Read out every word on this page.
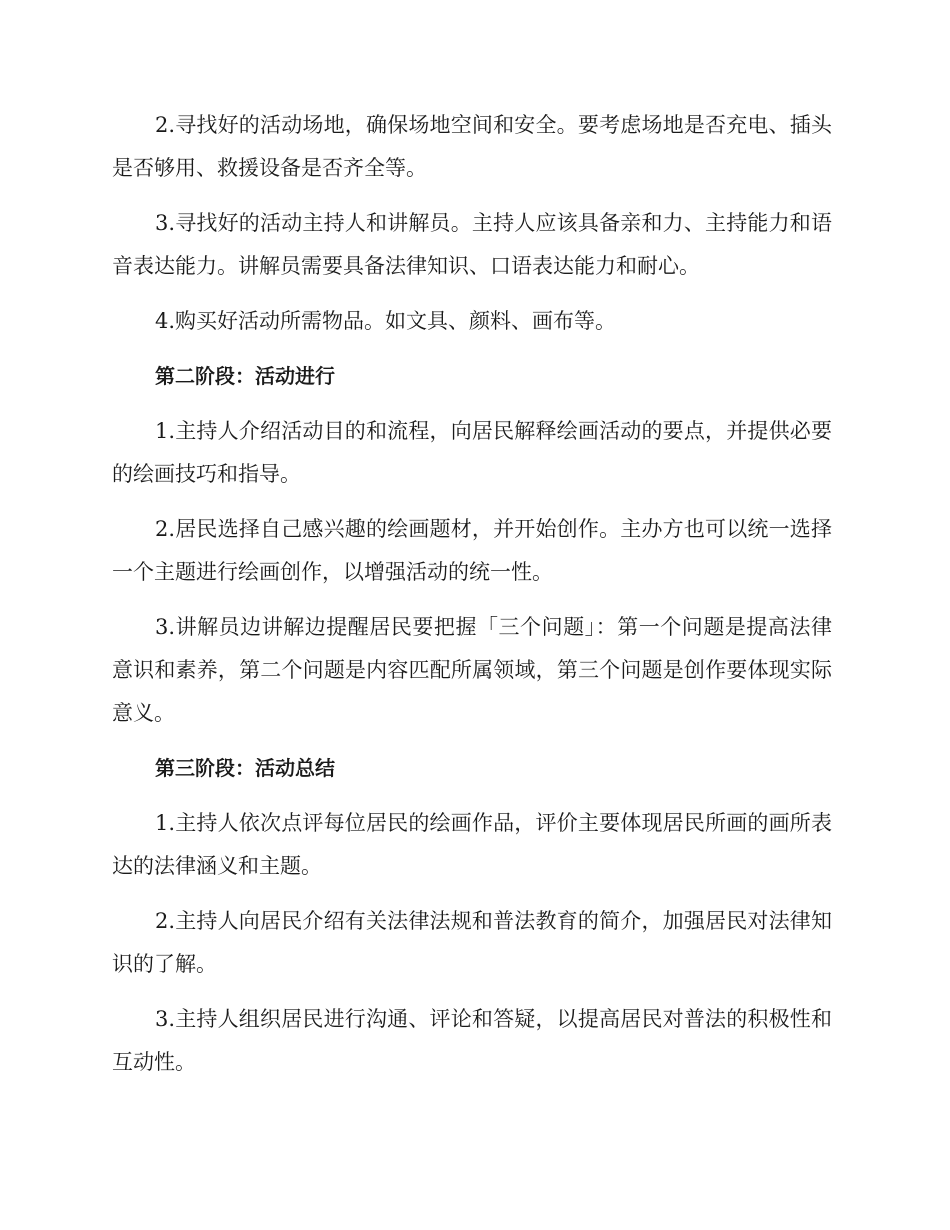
2.寻找好的活动场地，确保场地空间和安全。要考虑场地是否充电、插头是否够用、救援设备是否齐全等。

3.寻找好的活动主持人和讲解员。主持人应该具备亲和力、主持能力和语音表达能力。讲解员需要具备法律知识、口语表达能力和耐心。

4.购买好活动所需物品。如文具、颜料、画布等。

第二阶段：活动进行

1.主持人介绍活动目的和流程，向居民解释绘画活动的要点，并提供必要的绘画技巧和指导。

2.居民选择自己感兴趣的绘画题材，并开始创作。主办方也可以统一选择一个主题进行绘画创作，以增强活动的统一性。

3.讲解员边讲解边提醒居民要把握「三个问题」：第一个问题是提高法律意识和素养，第二个问题是内容匹配所属领域，第三个问题是创作要体现实际意义。

第三阶段：活动总结

1.主持人依次点评每位居民的绘画作品，评价主要体现居民所画的画所表达的法律涵义和主题。

2.主持人向居民介绍有关法律法规和普法教育的简介，加强居民对法律知识的了解。

3.主持人组织居民进行沟通、评论和答疑，以提高居民对普法的积极性和互动性。
